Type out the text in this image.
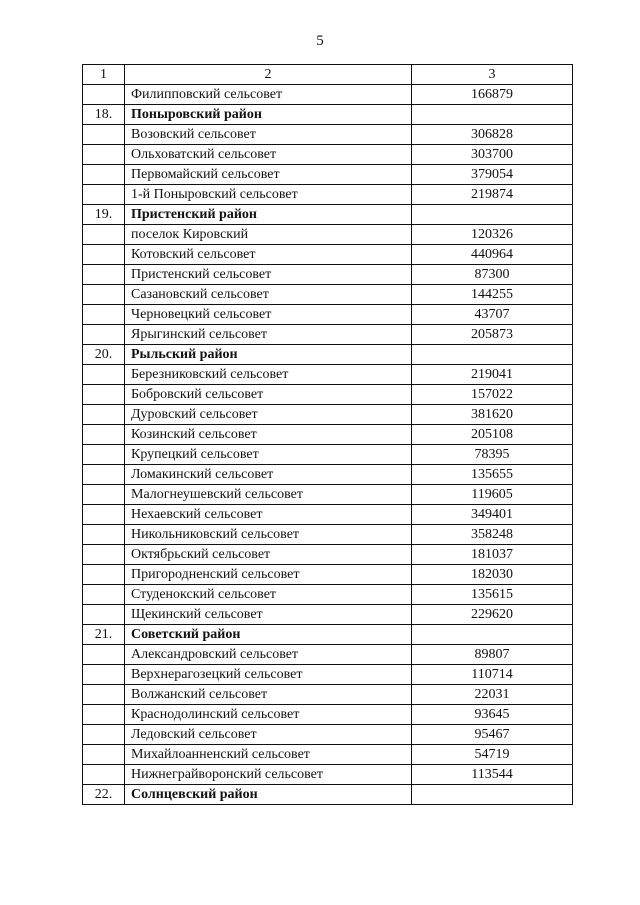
5
1	2	3
	Филипповский сельсовет	166879
18.	Поныровский район	
	Возовский сельсовет	306828
	Ольховатский сельсовет	303700
	Первомайский сельсовет	379054
	1-й Поныровский сельсовет	219874
19.	Пристенский район	
	поселок Кировский	120326
	Котовский сельсовет	440964
	Пристенский сельсовет	87300
	Сазановский сельсовет	144255
	Черновецкий сельсовет	43707
	Ярыгинский сельсовет	205873
20.	Рыльский район	
	Березниковский сельсовет	219041
	Бобровский сельсовет	157022
	Дуровский сельсовет	381620
	Козинский сельсовет	205108
	Крупецкий сельсовет	78395
	Ломакинский сельсовет	135655
	Малогнеушевский сельсовет	119605
	Нехаевский сельсовет	349401
	Никольниковский сельсовет	358248
	Октябрьский сельсовет	181037
	Пригородненский сельсовет	182030
	Студенокский сельсовет	135615
	Щекинский сельсовет	229620
21.	Советский район	
	Александровский сельсовет	89807
	Верхнерагозецкий сельсовет	110714
	Волжанский сельсовет	22031
	Краснодолинский сельсовет	93645
	Ледовский сельсовет	95467
	Михайлоанненский сельсовет	54719
	Нижнеграйворонский сельсовет	113544
22.	Солнцевский район	
